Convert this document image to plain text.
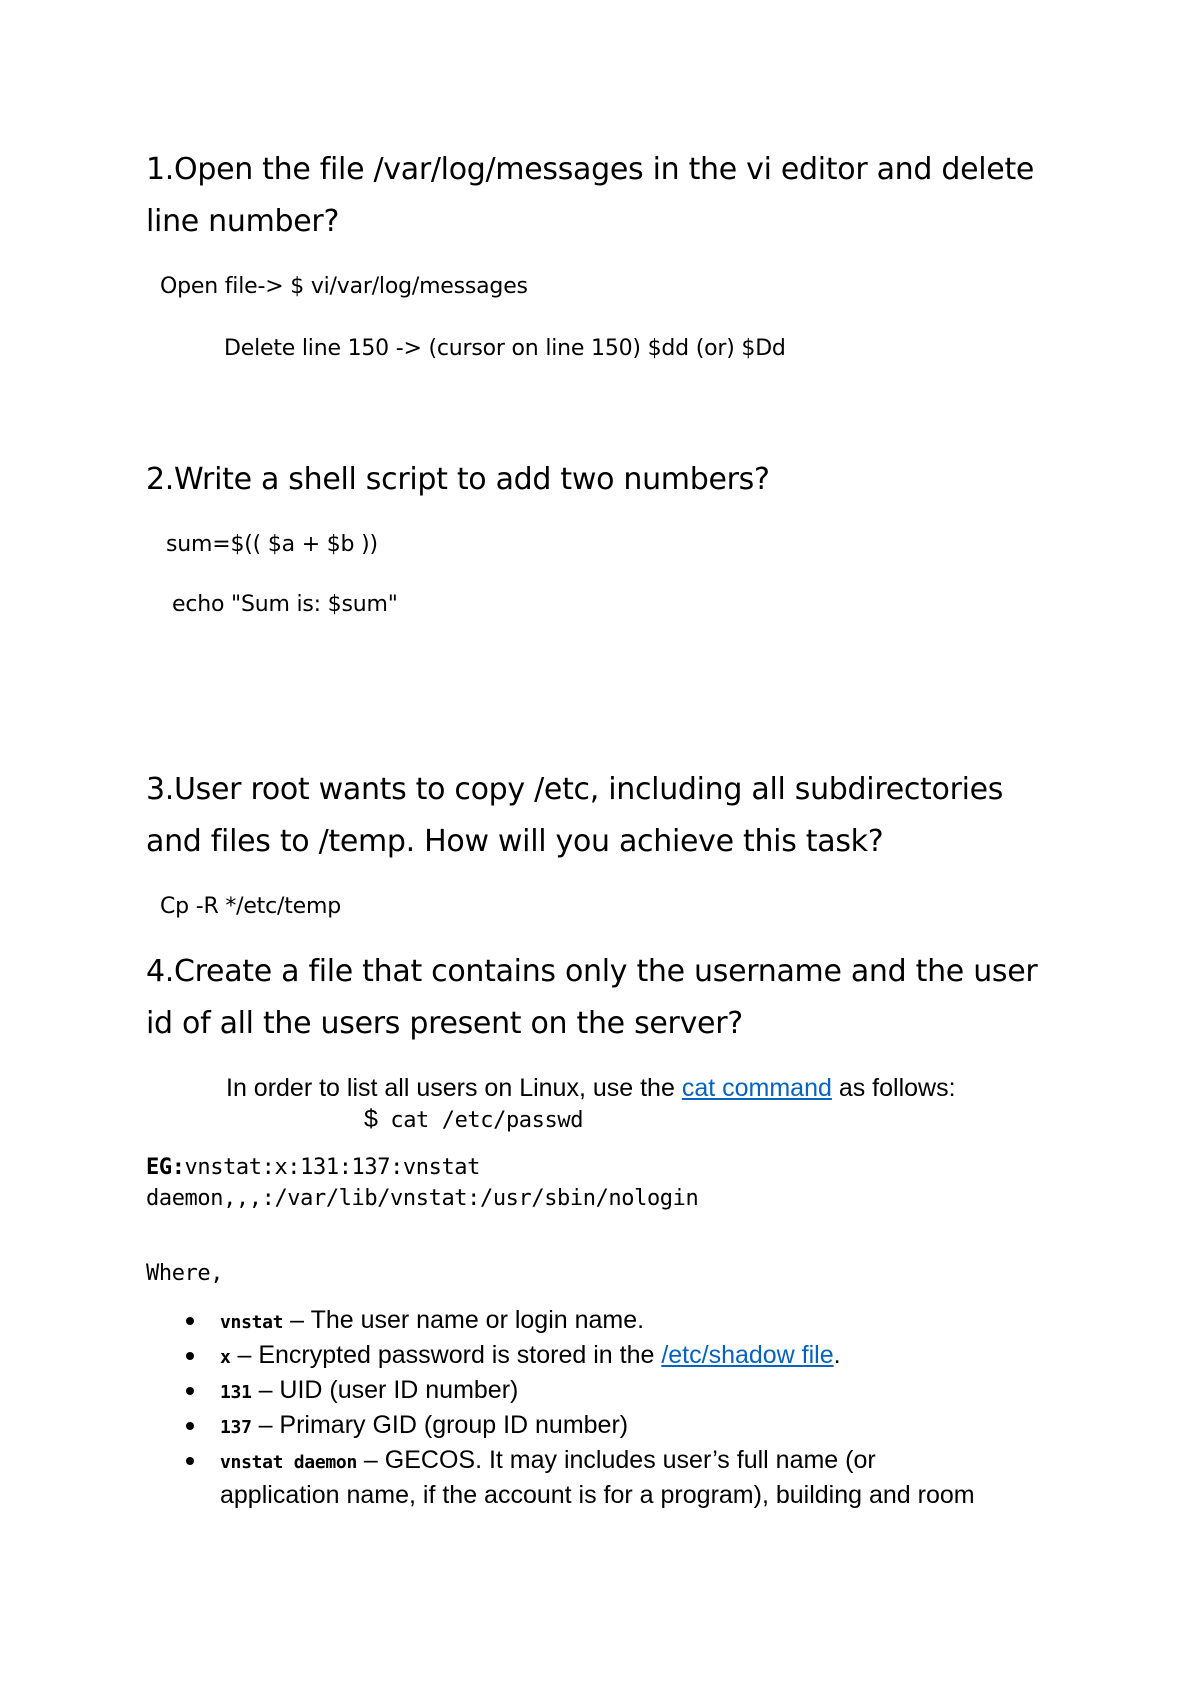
1.Open the file /var/log/messages in the vi editor and delete
line number?
Open file-> $ vi/var/log/messages
Delete line 150 -> (cursor on line 150) $dd (or) $Dd
2.Write a shell script to add two numbers?
sum=$(( $a + $b ))
echo "Sum is: $sum"
3.User root wants to copy /etc, including all subdirectories
and files to /temp. How will you achieve this task?
Cp -R */etc/temp
4.Create a file that contains only the username and the user
id of all the users present on the server?
In order to list all users on Linux, use the cat command as follows:
$ cat /etc/passwd
EG:vnstat:x:131:137:vnstat
daemon,,,:/var/lib/vnstat:/usr/sbin/nologin
Where,
vnstat – The user name or login name.
x – Encrypted password is stored in the /etc/shadow file.
131 – UID (user ID number)
137 – Primary GID (group ID number)
vnstat daemon – GECOS. It may includes user’s full name (or
application name, if the account is for a program), building and room
